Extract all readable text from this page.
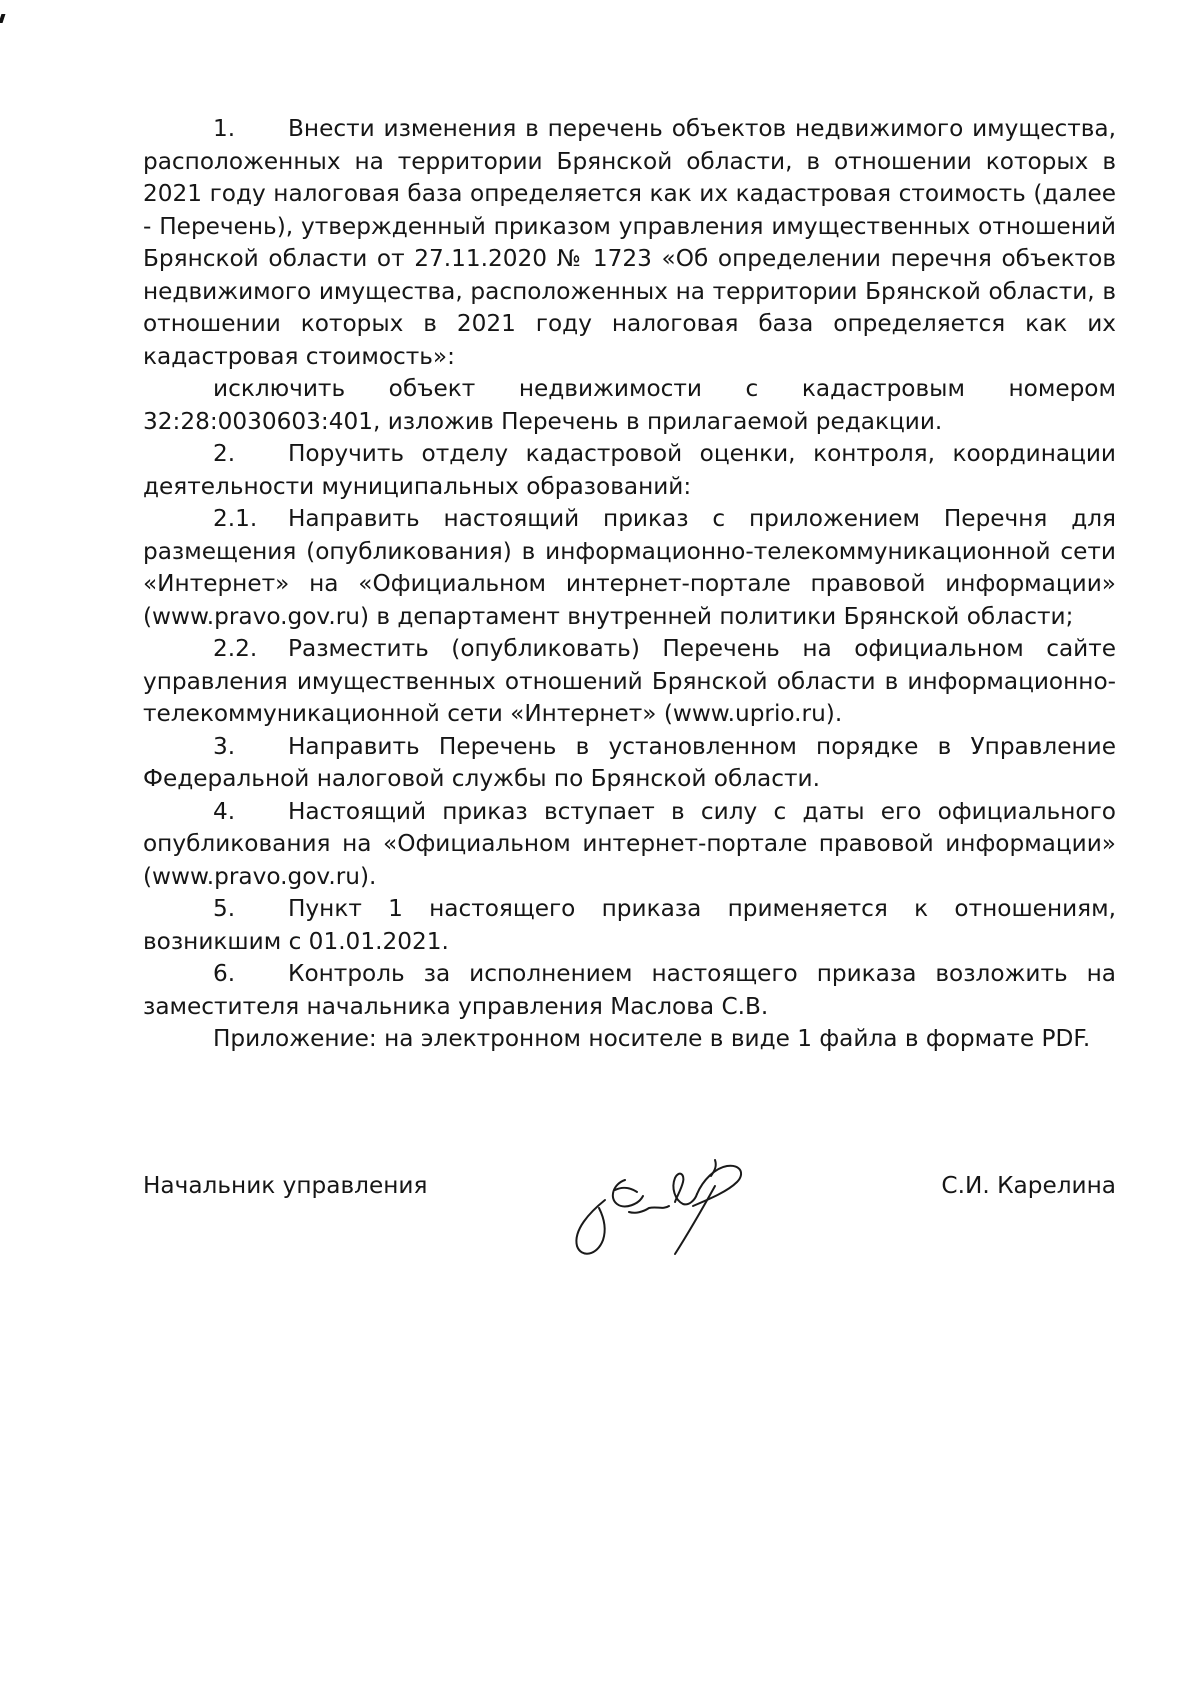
1. Внести изменения в перечень объектов недвижимого имущества, расположенных на территории Брянской области, в отношении которых в 2021 году налоговая база определяется как их кадастровая стоимость (далее - Перечень), утвержденный приказом управления имущественных отношений Брянской области от 27.11.2020 № 1723 «Об определении перечня объектов недвижимого имущества, расположенных на территории Брянской области, в отношении которых в 2021 году налоговая база определяется как их кадастровая стоимость»:

исключить объект недвижимости с кадастровым номером 32:28:0030603:401, изложив Перечень в прилагаемой редакции.

2. Поручить отделу кадастровой оценки, контроля, координации деятельности муниципальных образований:

2.1. Направить настоящий приказ с приложением Перечня для размещения (опубликования) в информационно-телекоммуникационной сети «Интернет» на «Официальном интернет-портале правовой информации» (www.pravo.gov.ru) в департамент внутренней политики Брянской области;

2.2. Разместить (опубликовать) Перечень на официальном сайте управления имущественных отношений Брянской области в информационно-телекоммуникационной сети «Интернет» (www.uprio.ru).

3. Направить Перечень в установленном порядке в Управление Федеральной налоговой службы по Брянской области.

4. Настоящий приказ вступает в силу с даты его официального опубликования на «Официальном интернет-портале правовой информации» (www.pravo.gov.ru).

5. Пункт 1 настоящего приказа применяется к отношениям, возникшим с 01.01.2021.

6. Контроль за исполнением настоящего приказа возложить на заместителя начальника управления Маслова С.В.

Приложение: на электронном носителе в виде 1 файла в формате PDF.

Начальник управления	С.И. Карелина
